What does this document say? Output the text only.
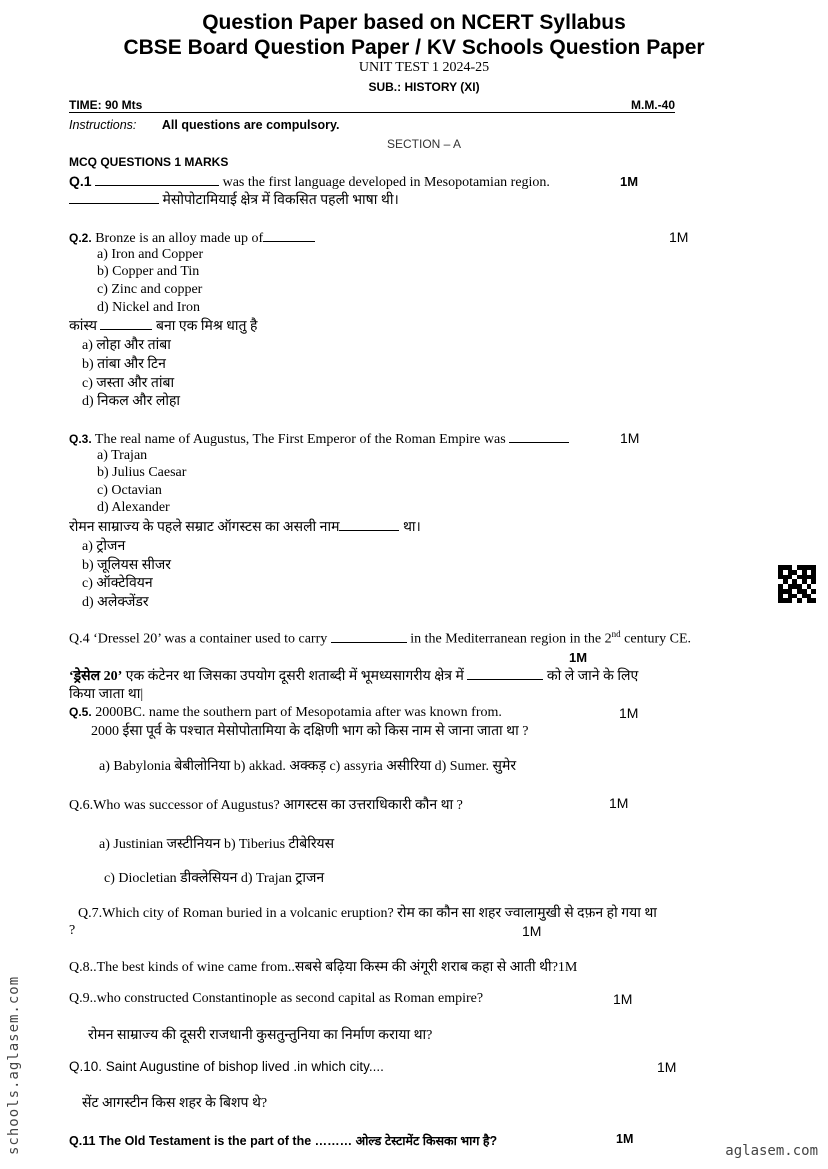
Question Paper based on NCERT Syllabus
CBSE Board Question Paper / KV Schools Question Paper
UNIT TEST 1 2024-25
SUB.: HISTORY (XI)
TIME: 90 Mts	M.M.-40
Instructions: All questions are compulsory.
SECTION – A
MCQ QUESTIONS 1 MARKS
Q.1	was the first language developed in Mesopotamian region.	1M
मेसोपोटामियाई क्षेत्र में विकसित पहली भाषा थी।
Q.2. Bronze is an alloy made up of	1M
a) Iron and Copper
b) Copper and Tin
c) Zinc and copper
d) Nickel and Iron
कांस्य	बना एक मिश्र धातु है
a) लोहा और तांबा
b) तांबा और टिन
c) जस्ता और तांबा
d) निकल और लोहा
Q.3. The real name of Augustus, The First Emperor of the Roman Empire was	1M
a) Trajan
b) Julius Caesar
c) Octavian
d) Alexander
रोमन साम्राज्य के पहले सम्राट ऑगस्टस का असली नाम	था।
a) ट्रोजन
b) जूलियस सीजर
c) ऑक्टेवियन
d) अलेक्जेंडर
Q.4 ‘Dressel 20’ was a container used to carry	in the Mediterranean region in the 2nd century CE.
1M
‘ड्रेसेल 20’ एक कंटेनर था जिसका उपयोग दूसरी शताब्दी में भूमध्यसागरीय क्षेत्र में	को ले जाने के लिए
किया जाता था|
Q.5. 2000BC. name the southern part of Mesopotamia after was known from.	1M
2000 ईसा पूर्व के पश्चात मेसोपोतामिया के दक्षिणी भाग को किस नाम से जाना जाता था ?
a) Babylonia बेबीलोनिया b) akkad. अक्कड़ c) assyria असीरिया d) Sumer. सुमेर
Q.6.Who was successor of Augustus? आगस्टस का उत्तराधिकारी कौन था ?	1M
a) Justinian जस्टीनियन b) Tiberius टीबेरियस
c) Diocletian डीक्लेसियन d) Trajan ट्राजन
Q.7.Which city of Roman buried in a volcanic eruption? रोम का कौन सा शहर ज्वालामुखी से दफ़न हो गया था
?	1M
Q.8..The best kinds of wine came from..सबसे बढ़िया किस्म की अंगूरी शराब कहा से आती थी?1M
Q.9..who constructed Constantinople as second capital as Roman empire?	1M
रोमन साम्राज्य की दूसरी राजधानी कुसतुन्तुनिया का निर्माण कराया था?
Q.10. Saint Augustine of bishop lived .in which city....	1M
सेंट आगस्टीन किस शहर के बिशप थे?
Q.11 The Old Testament is the part of the ……… ओल्ड टेस्टामेंट किसका भाग है?	1M
schools.aglasem.com	aglasem.com
